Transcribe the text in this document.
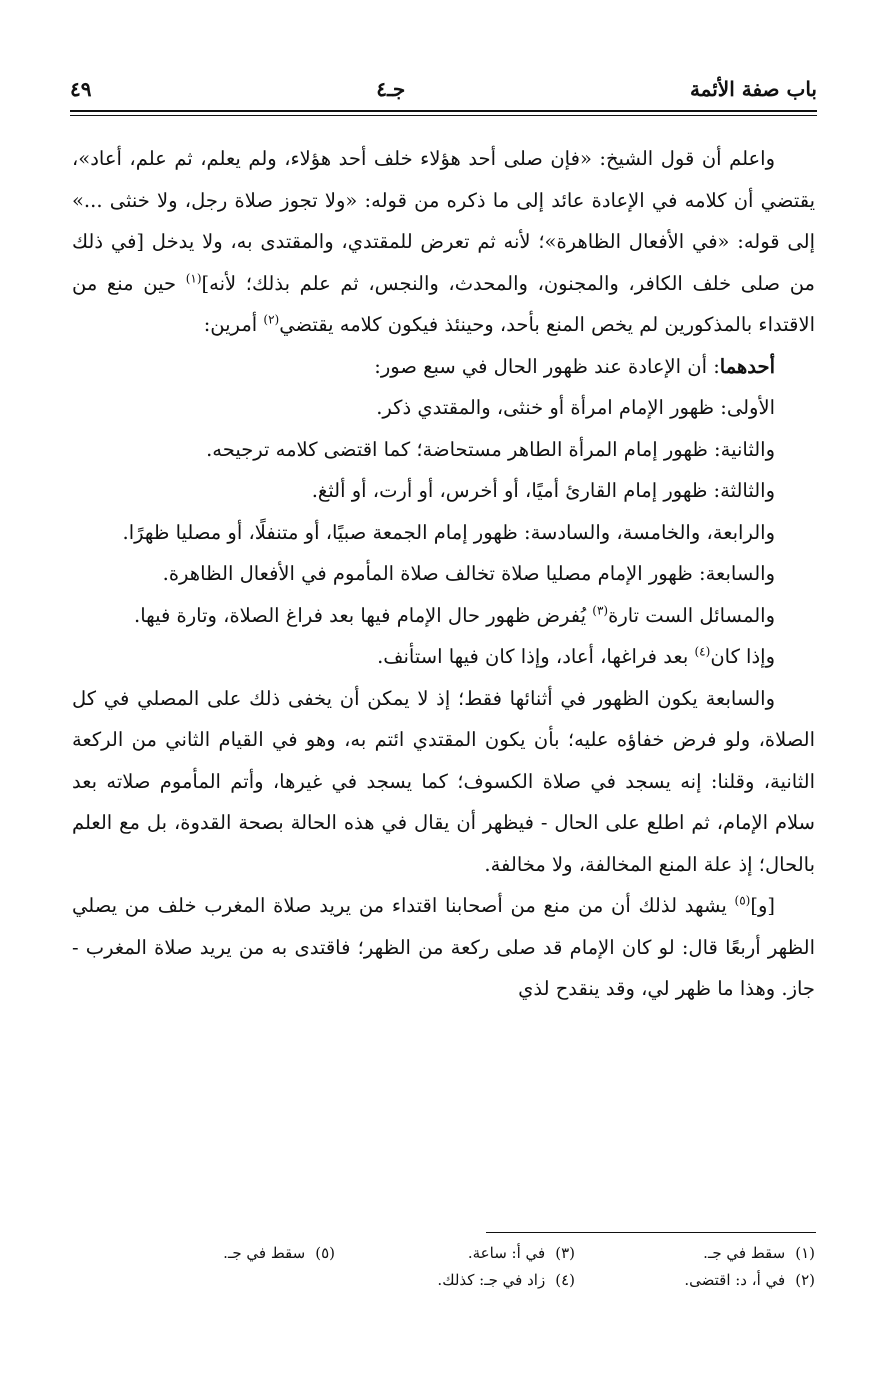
باب صفة الأئمة
جـ٤
٤٩

واعلم أن قول الشيخ: «فإن صلى أحد هؤلاء خلف أحد هؤلاء، ولم يعلم، ثم علم، أعاد»، يقتضي أن كلامه في الإعادة عائد إلى ما ذكره من قوله: «ولا تجوز صلاة رجل، ولا خنثى ...» إلى قوله: «في الأفعال الظاهرة»؛ لأنه ثم تعرض للمقتدي، والمقتدى به، ولا يدخل [في ذلك من صلى خلف الكافر، والمجنون، والمحدث، والنجس، ثم علم بذلك؛ لأنه]$^{(١)}$ حين منع من الاقتداء بالمذكورين لم يخص المنع بأحد، وحينئذ فيكون كلامه يقتضي$^{(٢)}$ أمرين:

أحدهما: أن الإعادة عند ظهور الحال في سبع صور:

الأولى: ظهور الإمام امرأة أو خنثى، والمقتدي ذكر.

والثانية: ظهور إمام المرأة الطاهر مستحاضة؛ كما اقتضى كلامه ترجيحه.

والثالثة: ظهور إمام القارئ أميًا، أو أخرس، أو أرت، أو ألثغ.

والرابعة، والخامسة، والسادسة: ظهور إمام الجمعة صبيًا، أو متنفلًا، أو مصليا ظهرًا.

والسابعة: ظهور الإمام مصليا صلاة تخالف صلاة المأموم في الأفعال الظاهرة.

والمسائل الست تارة$^{(٣)}$ يُفرض ظهور حال الإمام فيها بعد فراغ الصلاة، وتارة فيها.

وإذا كان$^{(٤)}$ بعد فراغها، أعاد، وإذا كان فيها استأنف.

والسابعة يكون الظهور في أثنائها فقط؛ إذ لا يمكن أن يخفى ذلك على المصلي في كل الصلاة، ولو فرض خفاؤه عليه؛ بأن يكون المقتدي ائتم به، وهو في القيام الثاني من الركعة الثانية، وقلنا: إنه يسجد في صلاة الكسوف؛ كما يسجد في غيرها، وأتم المأموم صلاته بعد سلام الإمام، ثم اطلع على الحال - فيظهر أن يقال في هذه الحالة بصحة القدوة، بل مع العلم بالحال؛ إذ علة المنع المخالفة، ولا مخالفة.

[و]$^{(٥)}$ يشهد لذلك أن من منع من أصحابنا اقتداء من يريد صلاة المغرب خلف من يصلي الظهر أربعًا قال: لو كان الإمام قد صلى ركعة من الظهر؛ فاقتدى به من يريد صلاة المغرب - جاز. وهذا ما ظهر لي، وقد ينقدح لذي

(١)سقط في جـ.
(٣)في أ: ساعة.
(٥)سقط في جـ.
(٢)في أ، د: اقتضى.
(٤)زاد في جـ: كذلك.
